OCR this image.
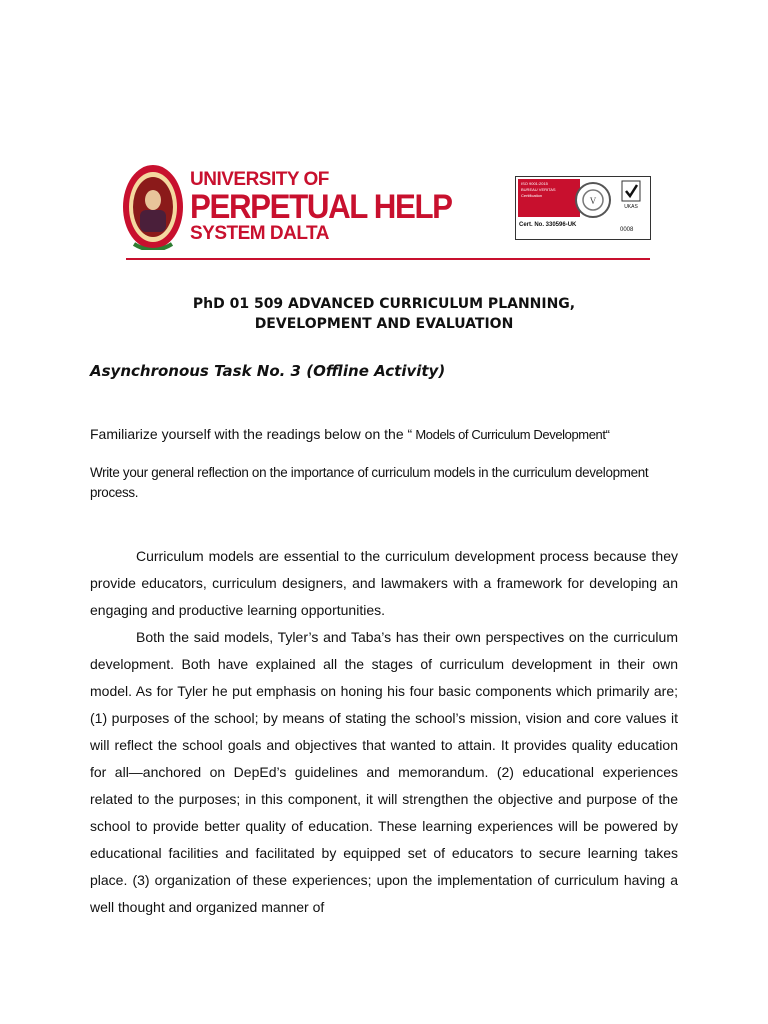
UNIVERSITY OF
PERPETUAL HELP
SYSTEM DALTA
ISO 9001:2015
BUREAU VERITAS
Certification
V
UKAS
Cert. No. 330596-UK
0008
PhD 01 509 ADVANCED CURRICULUM PLANNING,
DEVELOPMENT AND EVALUATION
Asynchronous Task No. 3 (Offline Activity)
Familiarize yourself with the readings below on the “ Models of Curriculum Development“
Write your general reflection on the importance of curriculum models in the curriculum development process.

Curriculum models are essential to the curriculum development process because they provide educators, curriculum designers, and lawmakers with a framework for developing an engaging and productive learning opportunities.

Both the said models, Tyler’s and Taba’s has their own perspectives on the curriculum development. Both have explained all the stages of curriculum development in their own model. As for Tyler he put emphasis on honing his four basic components which primarily are; (1) purposes of the school; by means of stating the school’s mission, vision and core values it will reflect the school goals and objectives that wanted to attain. It provides quality education for all—anchored on DepEd’s guidelines and memorandum. (2) educational experiences related to the purposes; in this component, it will strengthen the objective and purpose of the school to provide better quality of education. These learning experiences will be powered by educational facilities and facilitated by equipped set of educators to secure learning takes place. (3) organization of these experiences; upon the implementation of curriculum having a well thought and organized manner of
